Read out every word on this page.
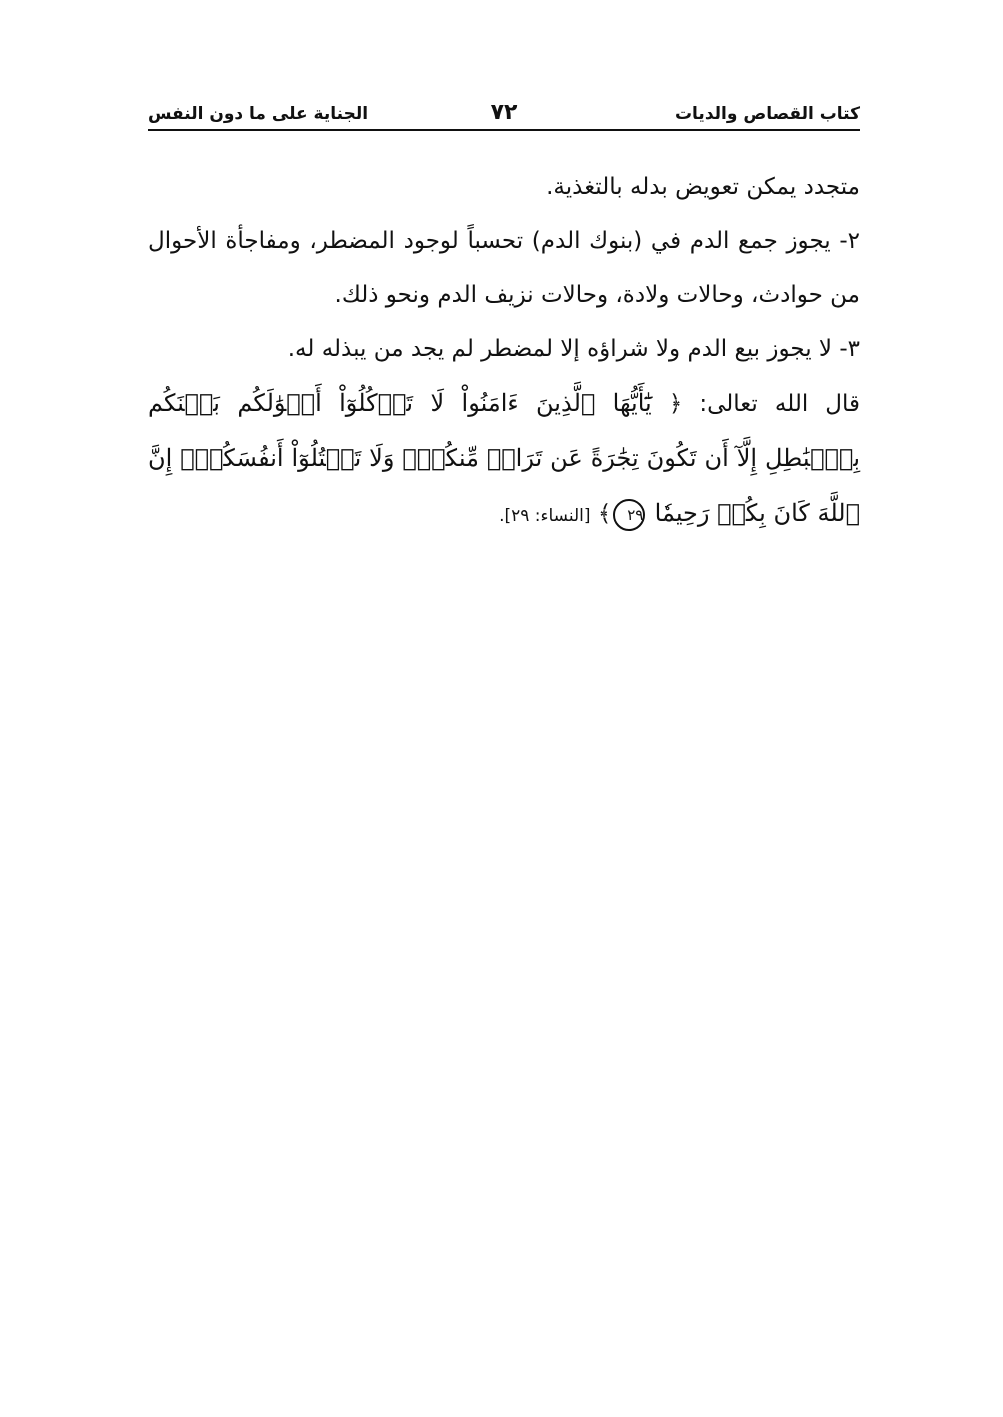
كتاب القصاص والديات
٧٢
الجناية على ما دون النفس

متجدد يمكن تعويض بدله بالتغذية.

٢- يجوز جمع الدم في (بنوك الدم) تحسباً لوجود المضطر، ومفاجأة الأحوال من حوادث، وحالات ولادة، وحالات نزيف الدم ونحو ذلك.

٣- لا يجوز بيع الدم ولا شراؤه إلا لمضطر لم يجد من يبذله له.

قال الله تعالى: ﴿ يَٰٓأَيُّهَا ٱلَّذِينَ ءَامَنُواْ لَا تَأۡكُلُوٓاْ أَمۡوَٰلَكُم بَيۡنَكُم بِٱلۡبَٰطِلِ إِلَّآ أَن تَكُونَ تِجَٰرَةً عَن تَرَاضٖ مِّنكُمۡۚ وَلَا تَقۡتُلُوٓاْ أَنفُسَكُمۡۚ إِنَّ ٱللَّهَ كَانَ بِكُمۡ رَحِيمٗا ٢٩﴾ [النساء: ٢٩].
